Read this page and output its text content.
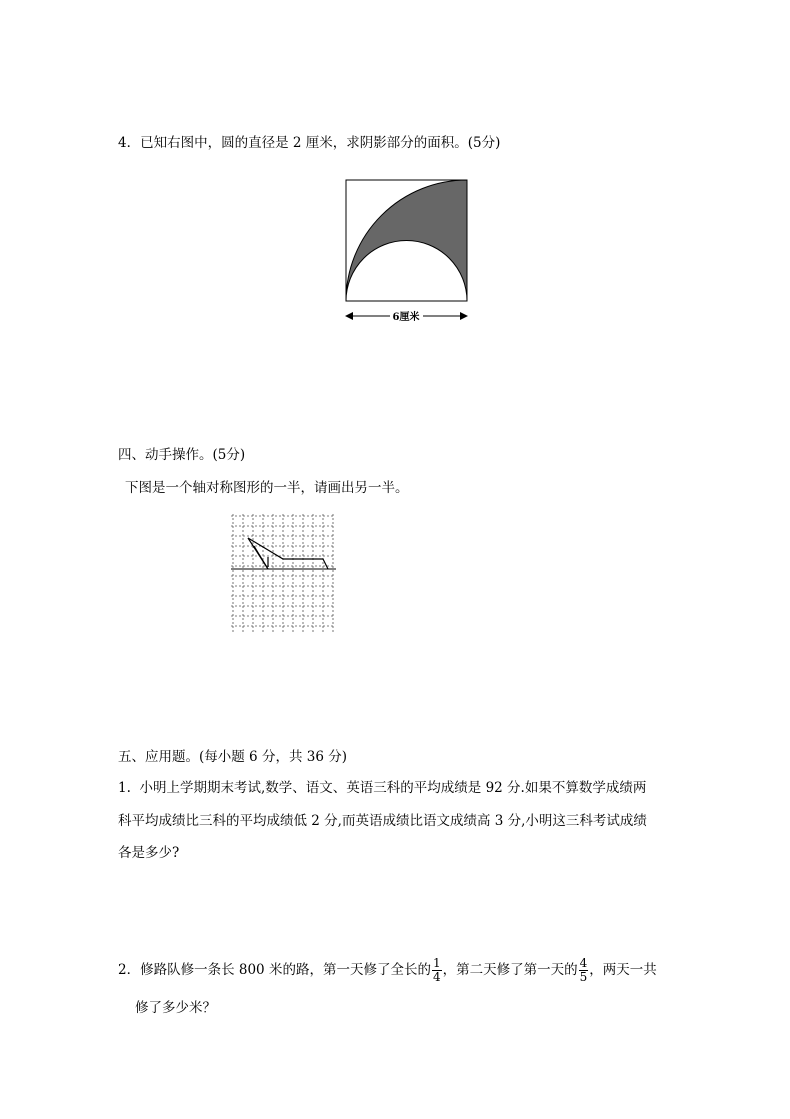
4．已知右图中，圆的直径是 2 厘米，求阴影部分的面积。(5分)
6厘米
四、动手操作。(5分)
下图是一个轴对称图形的一半，请画出另一半。
五、应用题。(每小题 6 分，共 36 分)
1. 小明上学期期末考试,数学、语文、英语三科的平均成绩是 92 分.如果不算数学成绩两
科平均成绩比三科的平均成绩低 2 分,而英语成绩比语文成绩高 3 分,小明这三科考试成绩
各是多少?
2．修路队修一条长 800 米的路，第一天修了全长的 $\frac{1}{4}$ ，第二天修了第一天的 $\frac{4}{5}$ ，两天一共
修了多少米？
